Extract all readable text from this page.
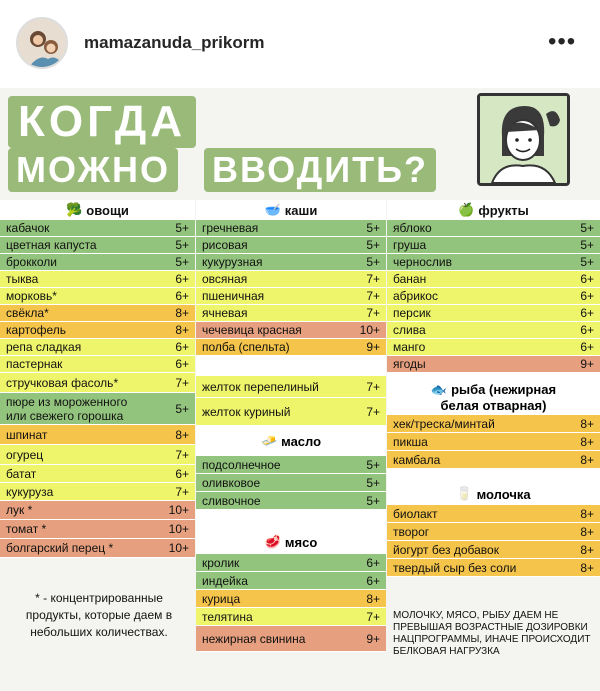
mamazanuda_prikorm	•••
КОГДА
МОЖНО ВВОДИТЬ?
🥦 овощи
кабачок	5+
цветная капуста	5+
брокколи	5+
тыква	6+
морковь*	6+
свёкла*	8+
картофель	8+
репа сладкая	6+
пастернак	6+
стручковая фасоль*	7+
пюре из мороженного
или свежего горошка	5+
шпинат	8+
огурец	7+
батат	6+
кукуруза	7+
лук *	10+
томат *	10+
болгарский перец *	10+
* - концентрированные продукты, которые даем в небольших количествах.
🥣 каши
гречневая	5+
рисовая	5+
кукурузная	5+
овсяная	7+
пшеничная	7+
ячневая	7+
чечевица красная	10+
полба (спельта)	9+
желток перепелиный	7+
желток куриный	7+
🧈 масло
подсолнечное	5+
оливковое	5+
сливочное	5+
🥩 мясо
кролик	6+
индейка	6+
курица	8+
телятина	7+
нежирная свинина	9+
🍏 фрукты
яблоко	5+
груша	5+
чернослив	5+
банан	6+
абрикос	6+
персик	6+
слива	6+
манго	6+
ягоды	9+
🐟 рыба (нежирная
белая отварная)
хек/треска/минтай	8+
пикша	8+
камбала	8+
🥛 молочка
биолакт	8+
творог	8+
йогурт без добавок	8+
твердый сыр без соли	8+
МОЛОЧКУ, МЯСО, РЫБУ ДАЕМ НЕ ПРЕВЫШАЯ ВОЗРАСТНЫЕ ДОЗИРОВКИ НАЦПРОГРАММЫ, ИНАЧЕ ПРОИСХОДИТ БЕЛКОВАЯ НАГРУЗКА
